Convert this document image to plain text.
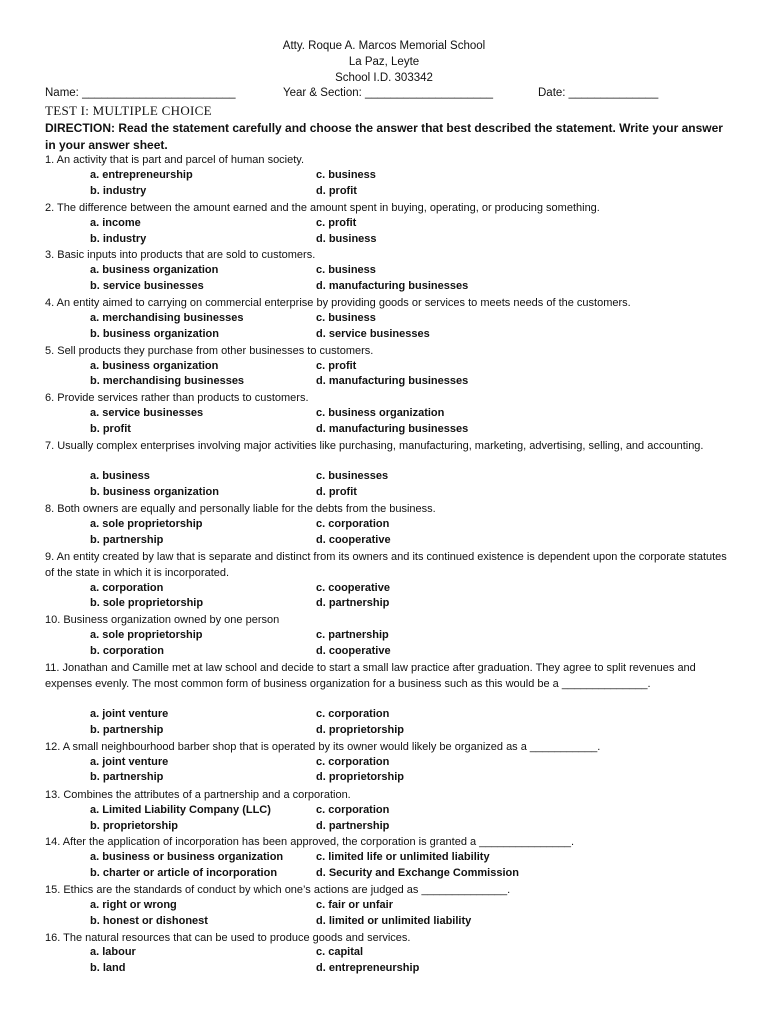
Atty. Roque A. Marcos Memorial School
La Paz, Leyte
School I.D. 303342
Name: ________________________	Year & Section: ____________________	Date: ______________
TEST I: MULTIPLE CHOICE
DIRECTION: Read the statement carefully and choose the answer that best described the statement. Write your answer in your answer sheet.
1. An activity that is part and parcel of human society.
a. entrepreneurship	c. business
b. industry	d. profit
2. The difference between the amount earned and the amount spent in buying, operating, or producing something.
a. income	c. profit
b. industry	d. business
3. Basic inputs into products that are sold to customers.
a. business organization	c. business
b. service businesses	d. manufacturing businesses
4. An entity aimed to carrying on commercial enterprise by providing goods or services to meets needs of the customers.
a. merchandising businesses	c. business
b. business organization	d. service businesses
5. Sell products they purchase from other businesses to customers.
a. business organization	c. profit
b. merchandising businesses	d. manufacturing businesses
6. Provide services rather than products to customers.
a. service businesses	c. business organization
b. profit	d. manufacturing businesses
7. Usually complex enterprises involving major activities like purchasing, manufacturing, marketing, advertising, selling, and accounting.
a. business	c. businesses
b. business organization	d. profit
8. Both owners are equally and personally liable for the debts from the business.
a. sole proprietorship	c. corporation
b. partnership	d. cooperative
9. An entity created by law that is separate and distinct from its owners and its continued existence is dependent upon the corporate statutes of the state in which it is incorporated.
a. corporation	c. cooperative
b. sole proprietorship	d. partnership
10. Business organization owned by one person
a. sole proprietorship	c. partnership
b. corporation	d. cooperative
11. Jonathan and Camille met at law school and decide to start a small law practice after graduation. They agree to split revenues and expenses evenly. The most common form of business organization for a business such as this would be a ______________.
a. joint venture	c. corporation
b. partnership	d. proprietorship
12. A small neighbourhood barber shop that is operated by its owner would likely be organized as a ___________.
a. joint venture	c. corporation
b. partnership	d. proprietorship
13. Combines the attributes of a partnership and a corporation.
a. Limited Liability Company (LLC)	c. corporation
b. proprietorship	d. partnership
14. After the application of incorporation has been approved, the corporation is granted a _______________.
a. business or business organization	c. limited life or unlimited liability
b. charter or article of incorporation	d. Security and Exchange Commission
15. Ethics are the standards of conduct by which one’s actions are judged as ______________.
a. right or wrong	c. fair or unfair
b. honest or dishonest	d. limited or unlimited liability
16. The natural resources that can be used to produce goods and services.
a. labour	c. capital
b. land	d. entrepreneurship
